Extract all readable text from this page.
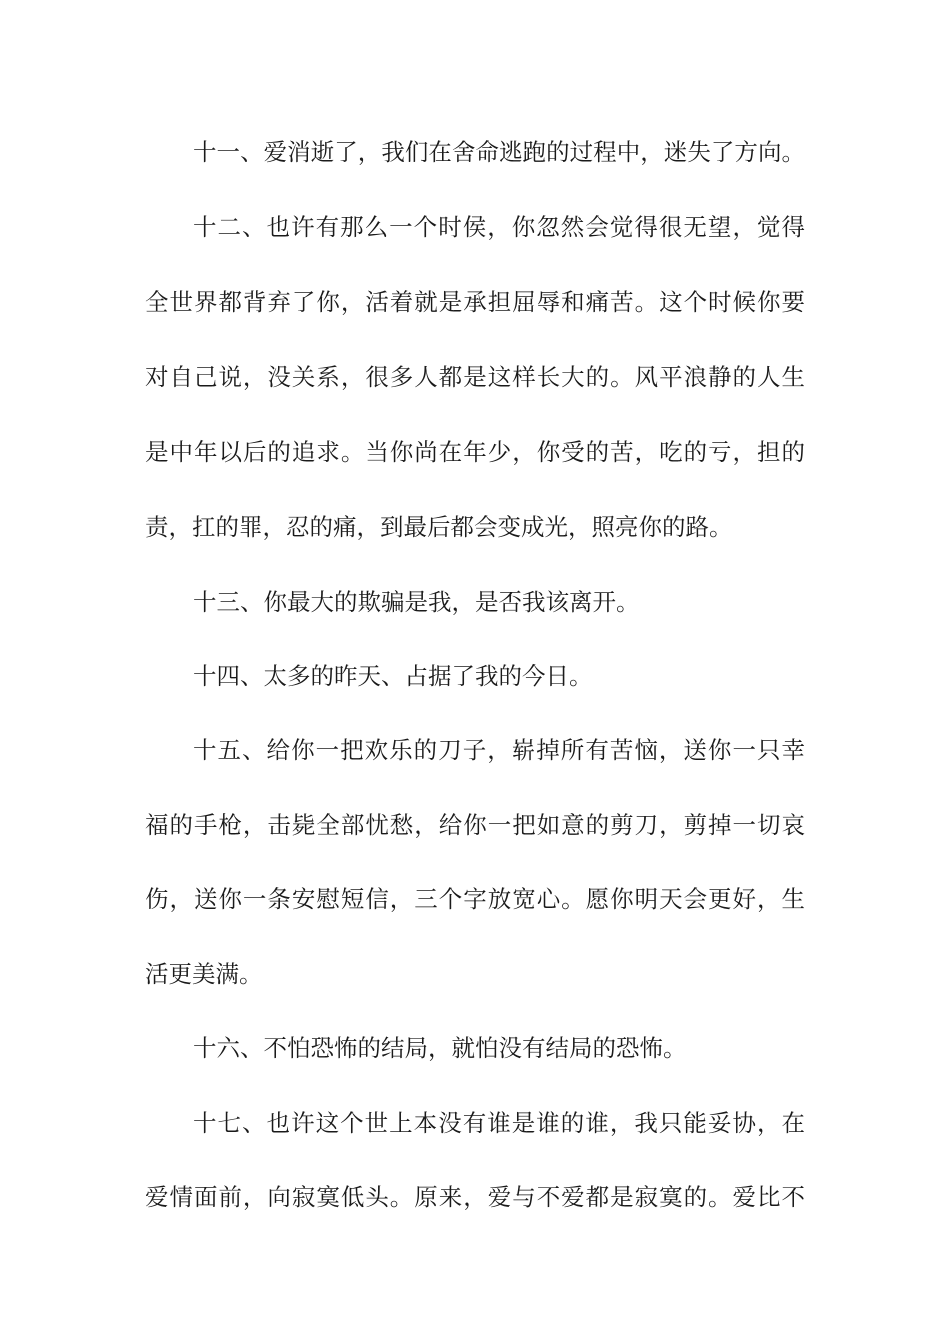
十一、爱消逝了，我们在舍命逃跑的过程中，迷失了方向。

十二、也许有那么一个时侯，你忽然会觉得很无望，觉得

全世界都背弃了你，活着就是承担屈辱和痛苦。这个时候你要

对自己说，没关系，很多人都是这样长大的。风平浪静的人生

是中年以后的追求。当你尚在年少，你受的苦，吃的亏，担的

责，扛的罪，忍的痛，到最后都会变成光，照亮你的路。

十三、你最大的欺骗是我，是否我该离开。

十四、太多的昨天、占据了我的今日。

十五、给你一把欢乐的刀子，崭掉所有苦恼，送你一只幸

福的手枪，击毙全部忧愁，给你一把如意的剪刀，剪掉一切哀

伤，送你一条安慰短信，三个字放宽心。愿你明天会更好，生

活更美满。

十六、不怕恐怖的结局，就怕没有结局的恐怖。

十七、也许这个世上本没有谁是谁的谁，我只能妥协，在

爱情面前，向寂寞低头。原来，爱与不爱都是寂寞的。爱比不
